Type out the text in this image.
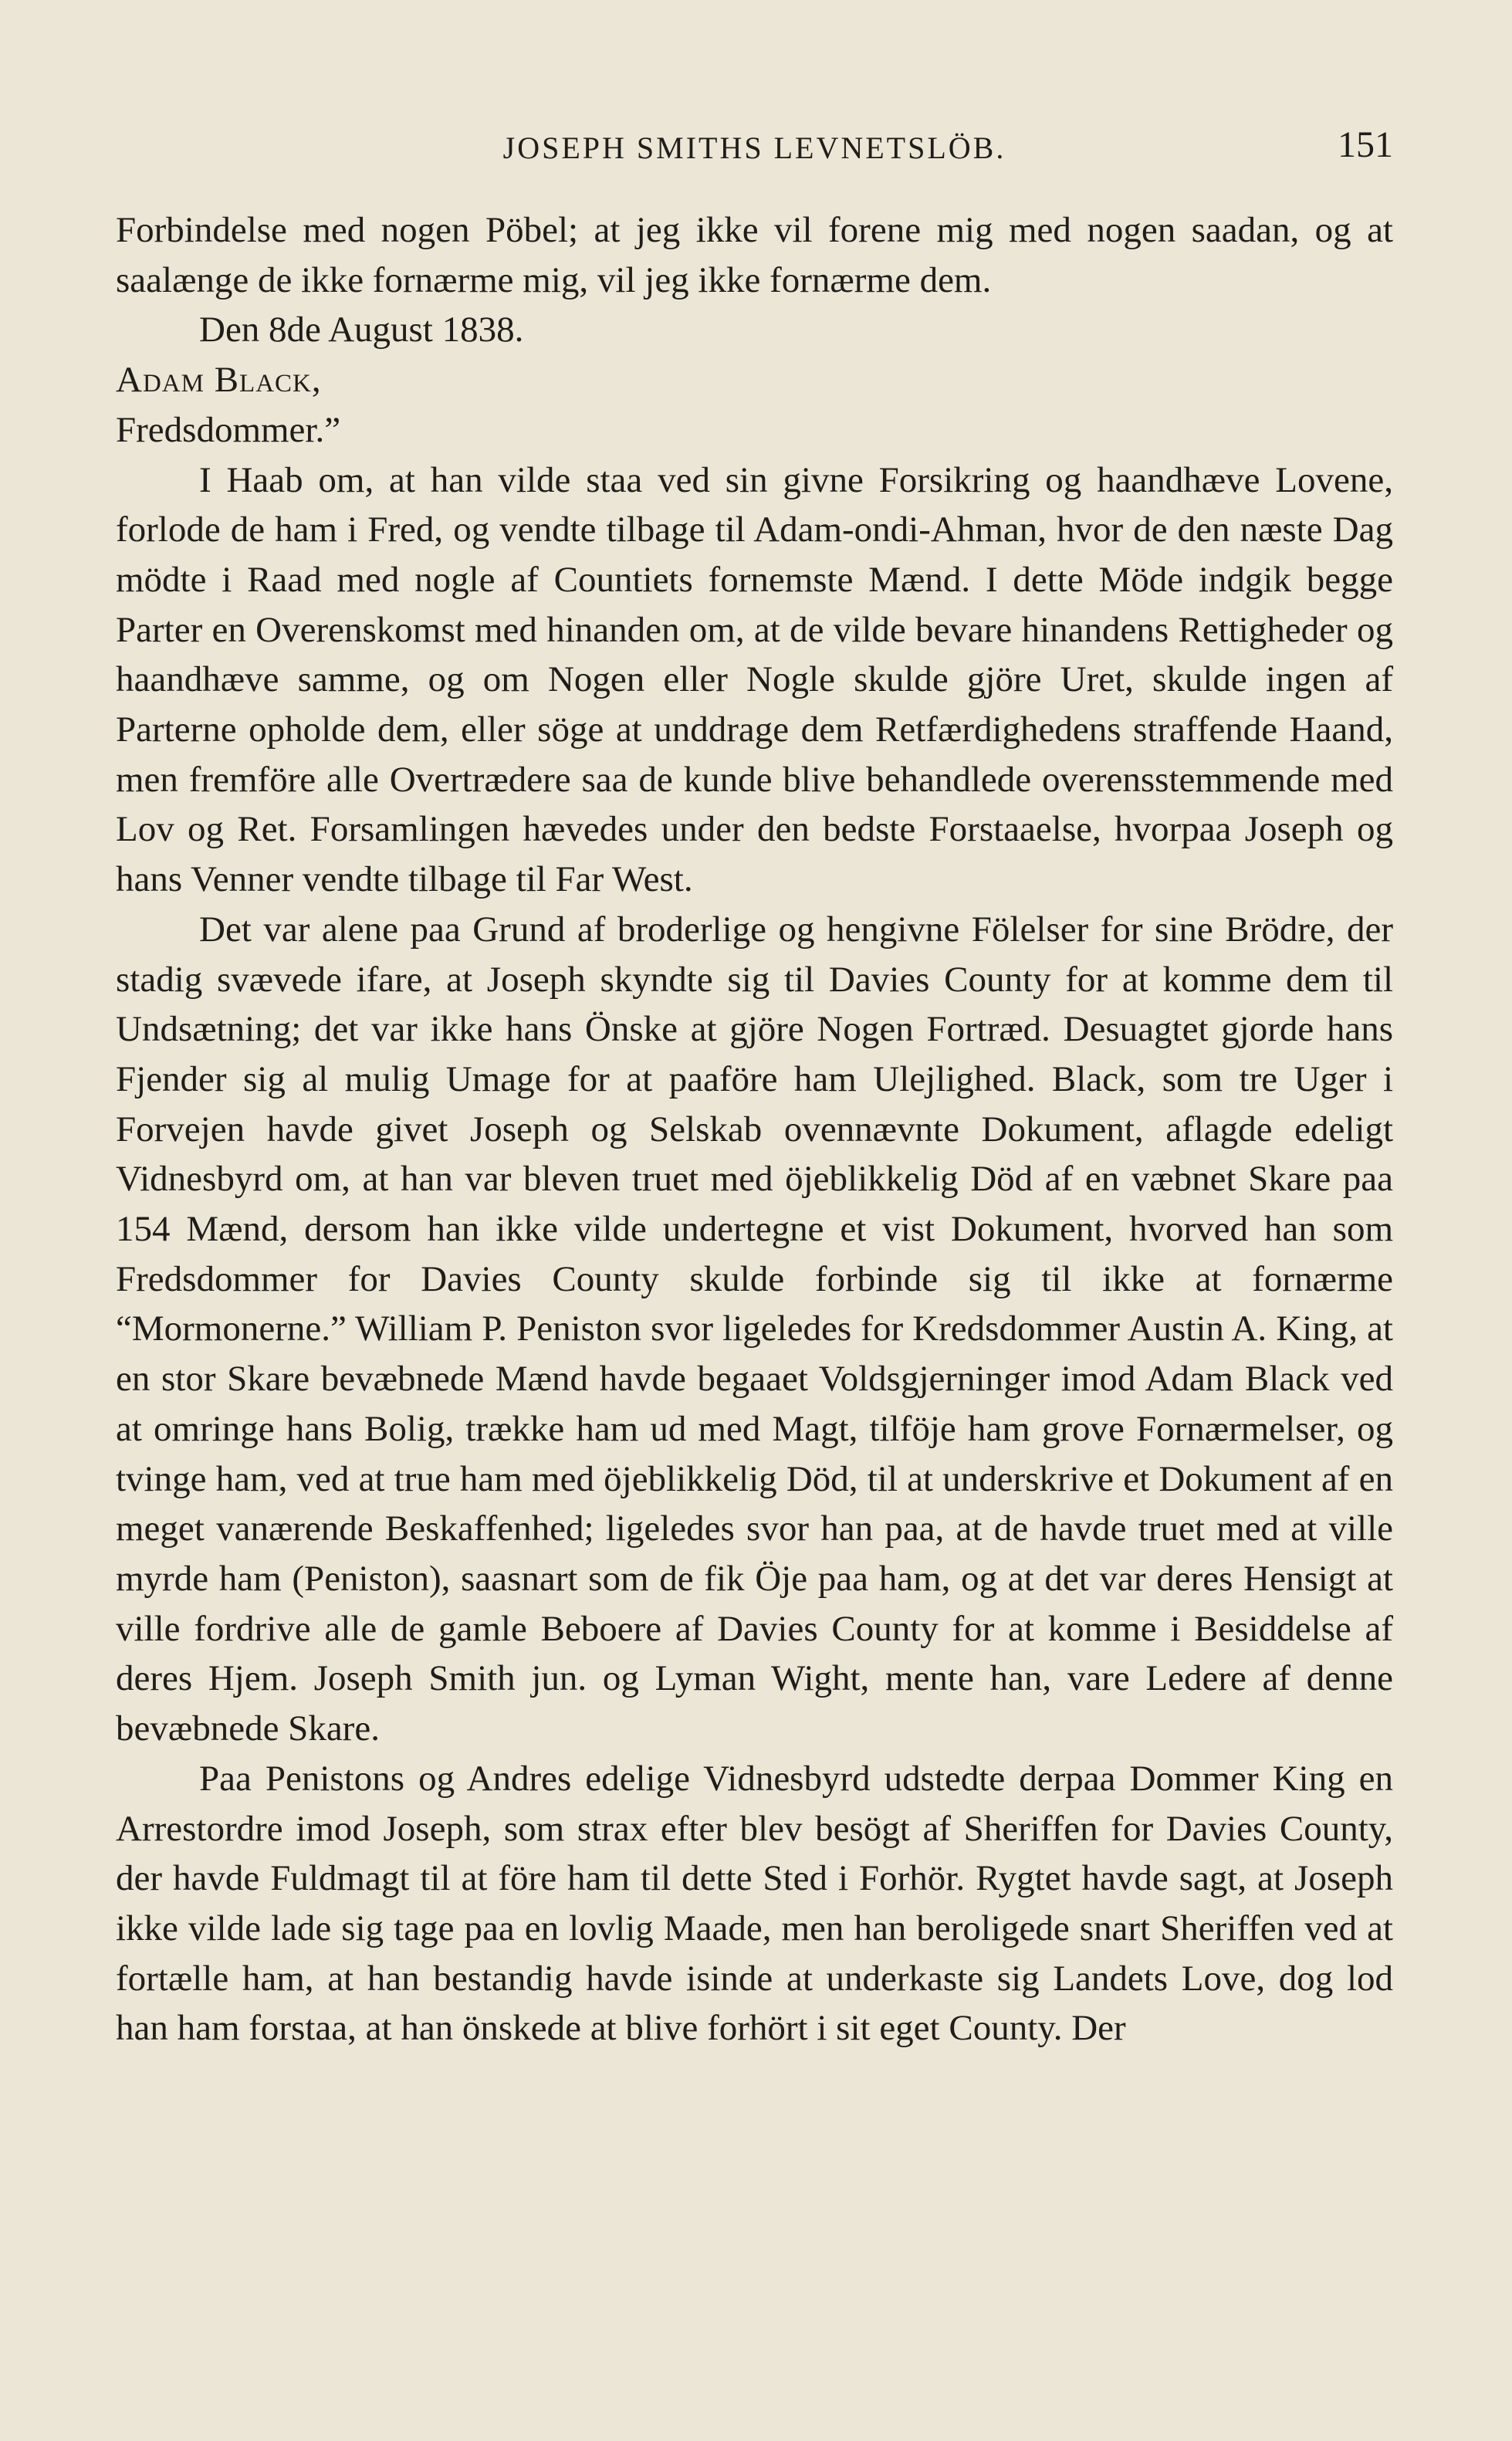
JOSEPH SMITHS LEVNETSLÖB.	151

Forbindelse med nogen Pöbel; at jeg ikke vil forene mig med nogen saadan, og at saalænge de ikke fornærme mig, vil jeg ikke fornærme dem.

Den 8de August 1838.

Adam Black,

Fredsdommer.”

I Haab om, at han vilde staa ved sin givne Forsikring og haandhæve Lovene, forlode de ham i Fred, og vendte tilbage til Adam-ondi-Ahman, hvor de den næste Dag mödte i Raad med nogle af Countiets fornemste Mænd. I dette Möde indgik begge Parter en Overenskomst med hinanden om, at de vilde bevare hinandens Rettigheder og haandhæve samme, og om Nogen eller Nogle skulde gjöre Uret, skulde ingen af Parterne opholde dem, eller söge at unddrage dem Retfærdighedens straffende Haand, men fremföre alle Overtrædere saa de kunde blive behandlede overensstemmende med Lov og Ret. Forsamlingen hævedes under den bedste Forstaaelse, hvorpaa Joseph og hans Venner vendte tilbage til Far West.

Det var alene paa Grund af broderlige og hengivne Fölelser for sine Brödre, der stadig svævede ifare, at Joseph skyndte sig til Davies County for at komme dem til Undsætning; det var ikke hans Önske at gjöre Nogen Fortræd. Desuagtet gjorde hans Fjender sig al mulig Umage for at paaföre ham Ulejlighed. Black, som tre Uger i Forvejen havde givet Joseph og Selskab ovennævnte Dokument, aflagde edeligt Vidnesbyrd om, at han var bleven truet med öjeblikkelig Död af en væbnet Skare paa 154 Mænd, dersom han ikke vilde undertegne et vist Dokument, hvorved han som Fredsdommer for Davies County skulde forbinde sig til ikke at fornærme “Mormonerne.” William P. Peniston svor ligeledes for Kredsdommer Austin A. King, at en stor Skare bevæbnede Mænd havde begaaet Voldsgjerninger imod Adam Black ved at omringe hans Bolig, trække ham ud med Magt, tilföje ham grove Fornærmelser, og tvinge ham, ved at true ham med öjeblikkelig Död, til at underskrive et Dokument af en meget vanærende Beskaffenhed; ligeledes svor han paa, at de havde truet med at ville myrde ham (Peniston), saasnart som de fik Öje paa ham, og at det var deres Hensigt at ville fordrive alle de gamle Beboere af Davies County for at komme i Besiddelse af deres Hjem. Joseph Smith jun. og Lyman Wight, mente han, vare Ledere af denne bevæbnede Skare.

Paa Penistons og Andres edelige Vidnesbyrd udstedte derpaa Dommer King en Arrestordre imod Joseph, som strax efter blev besögt af Sheriffen for Davies County, der havde Fuldmagt til at före ham til dette Sted i Forhör. Rygtet havde sagt, at Joseph ikke vilde lade sig tage paa en lovlig Maade, men han beroligede snart Sheriffen ved at fortælle ham, at han bestandig havde isinde at underkaste sig Landets Love, dog lod han ham forstaa, at han önskede at blive forhört i sit eget County. Der
